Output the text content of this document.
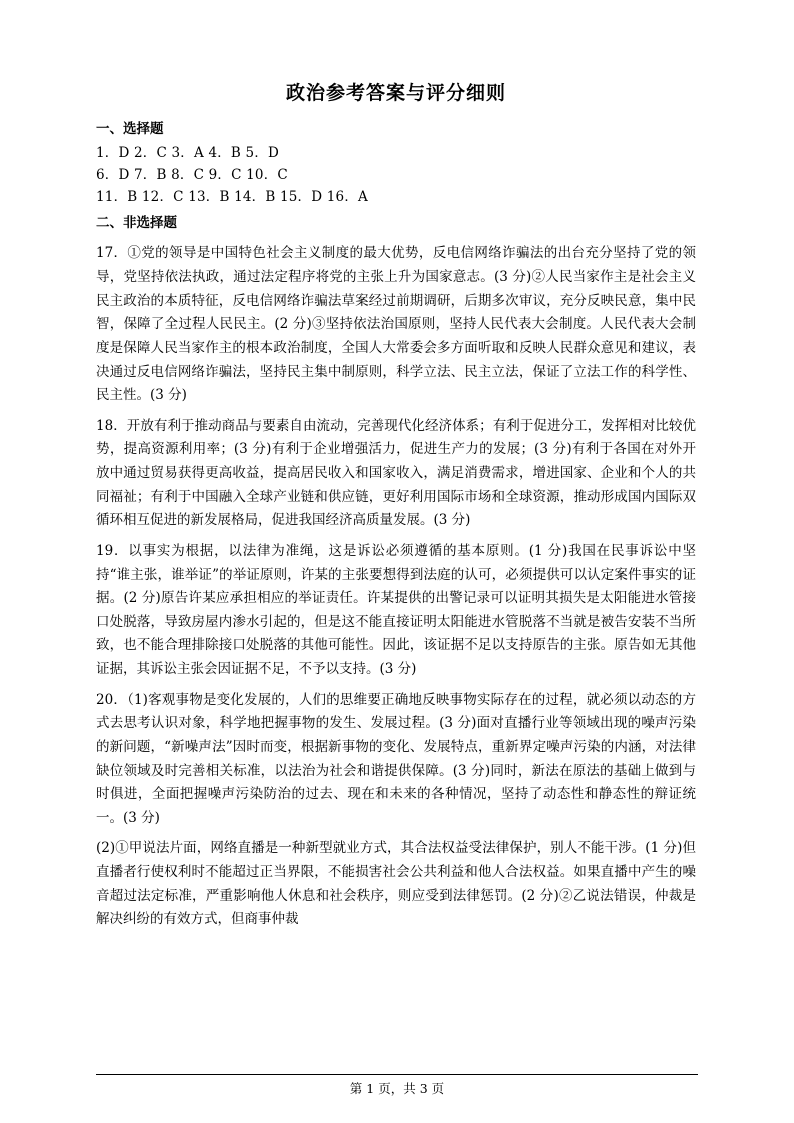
政治参考答案与评分细则
一、选择题
1．D 2．C 3．A 4．B 5．D
6．D 7．B 8．C 9．C 10．C
11．B 12．C 13．B 14．B 15．D 16．A
二、非选择题
17．①党的领导是中国特色社会主义制度的最大优势，反电信网络诈骗法的出台充分坚持了党的领导，党坚持依法执政，通过法定程序将党的主张上升为国家意志。(3 分)②人民当家作主是社会主义民主政治的本质特征，反电信网络诈骗法草案经过前期调研，后期多次审议，充分反映民意，集中民智，保障了全过程人民民主。(2 分)③坚持依法治国原则，坚持人民代表大会制度。人民代表大会制度是保障人民当家作主的根本政治制度，全国人大常委会多方面听取和反映人民群众意见和建议，表决通过反电信网络诈骗法，坚持民主集中制原则，科学立法、民主立法，保证了立法工作的科学性、民主性。(3 分)
18．开放有利于推动商品与要素自由流动，完善现代化经济体系；有利于促进分工，发挥相对比较优势，提高资源利用率；(3 分)有利于企业增强活力，促进生产力的发展；(3 分)有利于各国在对外开放中通过贸易获得更高收益，提高居民收入和国家收入，满足消费需求，增进国家、企业和个人的共同福祉；有利于中国融入全球产业链和供应链，更好利用国际市场和全球资源，推动形成国内国际双循环相互促进的新发展格局，促进我国经济高质量发展。(3 分)
19．以事实为根据，以法律为准绳，这是诉讼必须遵循的基本原则。(1 分)我国在民事诉讼中坚持“谁主张，谁举证”的举证原则，许某的主张要想得到法庭的认可，必须提供可以认定案件事实的证据。(2 分)原告许某应承担相应的举证责任。许某提供的出警记录可以证明其损失是太阳能进水管接口处脱落，导致房屋内渗水引起的，但是这不能直接证明太阳能进水管脱落不当就是被告安装不当所致，也不能合理排除接口处脱落的其他可能性。因此，该证据不足以支持原告的主张。原告如无其他证据，其诉讼主张会因证据不足，不予以支持。(3 分)
20．（1)客观事物是变化发展的，人们的思维要正确地反映事物实际存在的过程，就必须以动态的方式去思考认识对象，科学地把握事物的发生、发展过程。(3 分)面对直播行业等领域出现的噪声污染的新问题，“新噪声法”因时而变，根据新事物的变化、发展特点，重新界定噪声污染的内涵，对法律缺位领域及时完善相关标准，以法治为社会和谐提供保障。(3 分)同时，新法在原法的基础上做到与时俱进，全面把握噪声污染防治的过去、现在和未来的各种情况，坚持了动态性和静态性的辩证统一。(3 分)
(2)①甲说法片面，网络直播是一种新型就业方式，其合法权益受法律保护，别人不能干涉。(1 分)但直播者行使权利时不能超过正当界限，不能损害社会公共利益和他人合法权益。如果直播中产生的噪音超过法定标准，严重影响他人休息和社会秩序，则应受到法律惩罚。(2 分)②乙说法错误，仲裁是解决纠纷的有效方式，但商事仲裁
第 1 页，共 3 页
